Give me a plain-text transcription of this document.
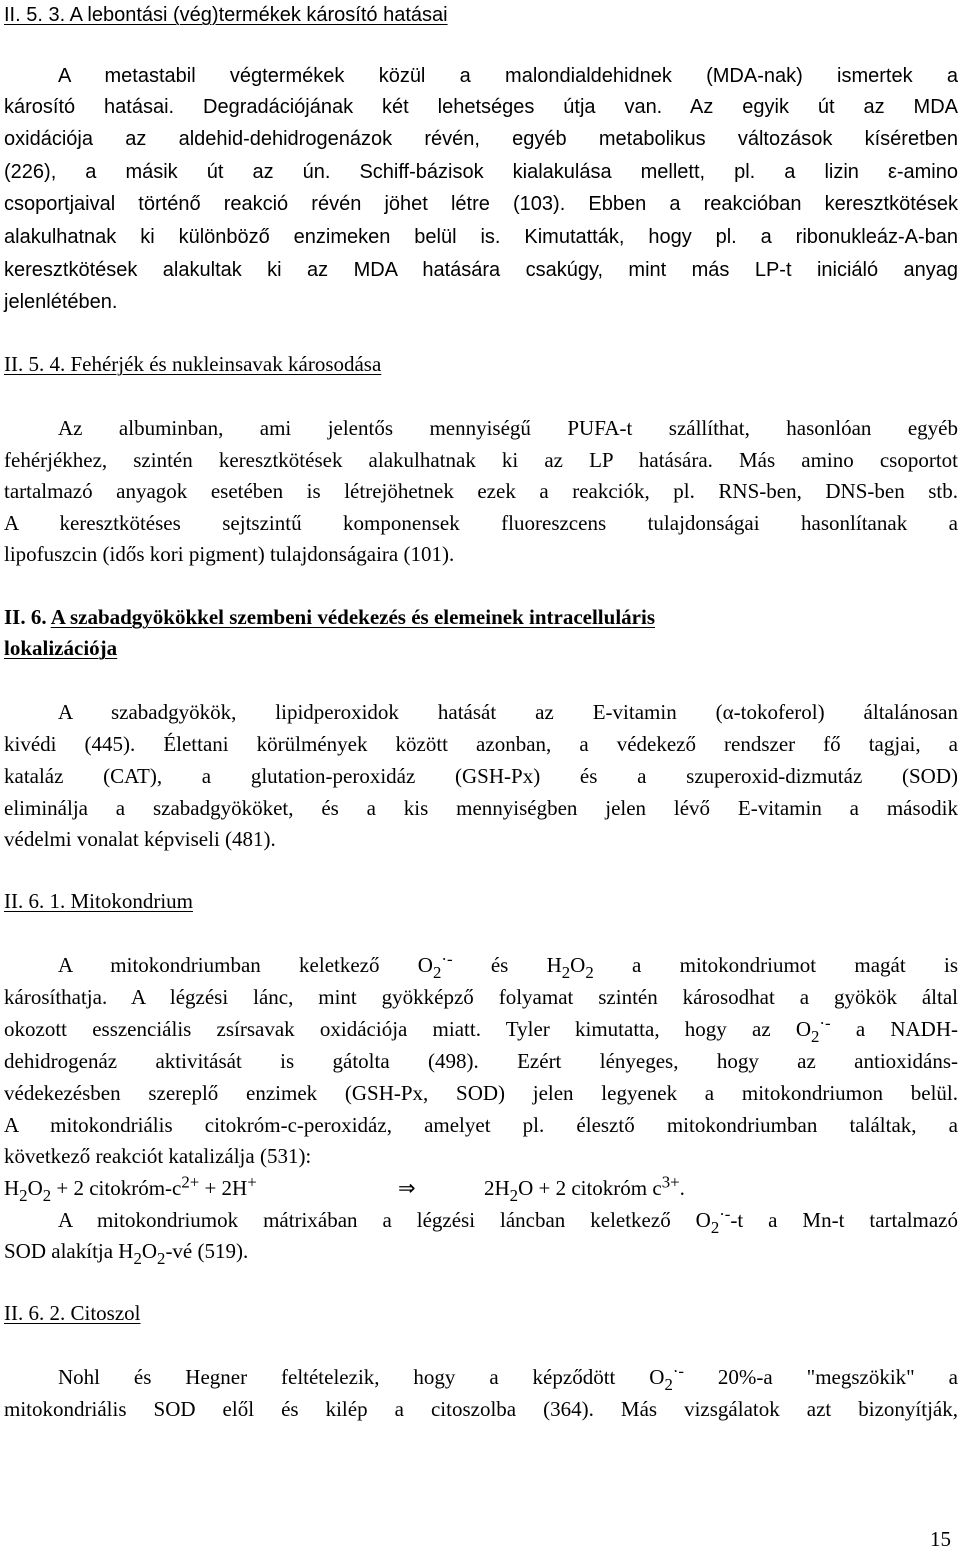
II. 5. 3. A lebontási (vég)termékek károsító hatásai
A metastabil végtermékek közül a malondialdehidnek (MDA-nak) ismertek a
károsító hatásai. Degradációjának két lehetséges útja van. Az egyik út az MDA
oxidációja az aldehid-dehidrogenázok révén, egyéb metabolikus változások kíséretben
(226), a másik út az ún. Schiff-bázisok kialakulása mellett, pl. a lizin ε-amino
csoportjaival történő reakció révén jöhet létre (103). Ebben a reakcióban keresztkötések
alakulhatnak ki különböző enzimeken belül is. Kimutatták, hogy pl. a ribonukleáz-A-ban
keresztkötések alakultak ki az MDA hatására csakúgy, mint más LP-t iniciáló anyag
jelenlétében.
II. 5. 4. Fehérjék és nukleinsavak károsodása
Az albuminban, ami jelentős mennyiségű PUFA-t szállíthat, hasonlóan egyéb
fehérjékhez, szintén keresztkötések alakulhatnak ki az LP hatására. Más amino csoportot
tartalmazó anyagok esetében is létrejöhetnek ezek a reakciók, pl. RNS-ben, DNS-ben stb.
A keresztkötéses sejtszintű komponensek fluoreszcens tulajdonságai hasonlítanak a
lipofuszcin (idős kori pigment) tulajdonságaira (101).
II. 6. A szabadgyökökkel szembeni védekezés és elemeinek intracelluláris
lokalizációja
A szabadgyökök, lipidperoxidok hatását az E-vitamin (α-tokoferol) általánosan
kivédi (445). Élettani körülmények között azonban, a védekező rendszer fő tagjai, a
kataláz (CAT), a glutation-peroxidáz (GSH-Px) és a szuperoxid-dizmutáz (SOD)
eliminálja a szabadgyököket, és a kis mennyiségben jelen lévő E-vitamin a második
védelmi vonalat képviseli (481).
II. 6. 1. Mitokondrium
A mitokondriumban keletkező $O_2^{\cdot-}$ és $H_2O_2$ a mitokondriumot magát is
károsíthatja. A légzési lánc, mint gyökképző folyamat szintén károsodhat a gyökök által
okozott esszenciális zsírsavak oxidációja miatt. Tyler kimutatta, hogy az $O_2^{\cdot-}$ a NADH-
dehidrogenáz aktivitását is gátolta (498). Ezért lényeges, hogy az antioxidáns-
védekezésben szereplő enzimek (GSH-Px, SOD) jelen legyenek a mitokondriumon belül.
A mitokondriális citokróm-c-peroxidáz, amelyet pl. élesztő mitokondriumban találtak, a
következő reakciót katalizálja (531):
$H_2O_2 + 2$ citokróm-$c^{2+} + 2H^+$	⇒	$2H_2O + 2$ citokróm $c^{3+}$.
A mitokondriumok mátrixában a légzési láncban keletkező $O_2^{\cdot-}-t$ a Mn-t tartalmazó
SOD alakítja $H_2O_2-vé$ (519).
II. 6. 2. Citoszol
Nohl és Hegner feltételezik, hogy a képződött $O_2^{\cdot-}$ 20%-a "megszökik" a
mitokondriális SOD elől és kilép a citoszolba (364). Más vizsgálatok azt bizonyítják,
15
